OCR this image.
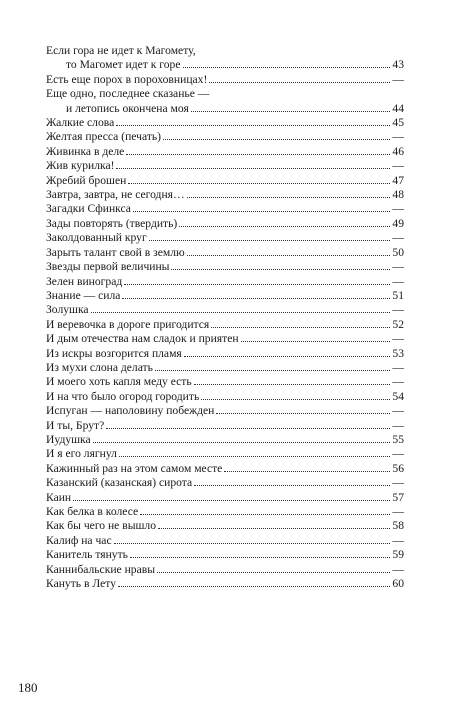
Если гора не идет к Магомету,
то Магомет идет к горе	43
Есть еще порох в пороховницах!	—
Еще одно, последнее сказанье —
и летопись окончена моя	44
Жалкие слова	45
Желтая пресса (печать)	—
Живинка в деле	46
Жив курилка!	—
Жребий брошен	47
Завтра, завтра, не сегодня…	48
Загадки Сфинкса	—
Зады повторять (твердить)	49
Заколдованный круг	—
Зарыть талант свой в землю	50
Звезды первой величины	—
Зелен виноград	—
Знание — сила	51
Золушка	—
И веревочка в дороге пригодится	52
И дым отечества нам сладок и приятен	—
Из искры возгорится пламя	53
Из мухи слона делать	—
И моего хоть капля меду есть	—
И на что было огород городить	54
Испуган — наполовину побежден	—
И ты, Брут?	—
Иудушка	55
И я его лягнул	—
Кажинный раз на этом самом месте	56
Казанский (казанская) сирота	—
Каин	57
Как белка в колесе	—
Как бы чего не вышло	58
Калиф на час	—
Канитель тянуть	59
Каннибальские нравы	—
Кануть в Лету	60
180
